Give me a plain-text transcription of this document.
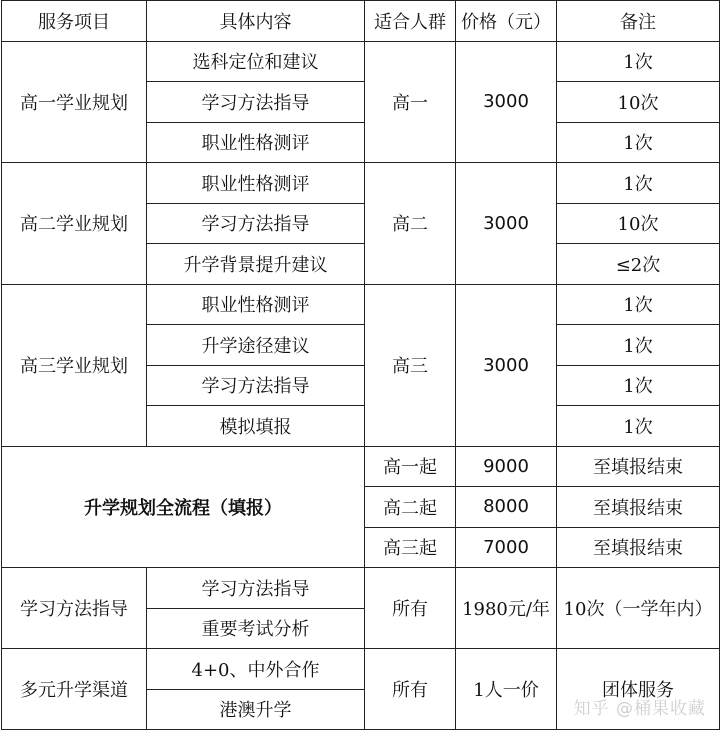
服务项目	具体内容	适合人群	价格（元）	备注
高一学业规划	选科定位和建议	高一	3000	1次
	学习方法指导			10次
	职业性格测评			1次
高二学业规划	职业性格测评	高二	3000	1次
	学习方法指导			10次
	升学背景提升建议			≤2次
高三学业规划	职业性格测评	高三	3000	1次
	升学途径建议			1次
	学习方法指导			1次
	模拟填报			1次
升学规划全流程（填报）		高一起	9000	至填报结束
		高二起	8000	至填报结束
		高三起	7000	至填报结束
学习方法指导	学习方法指导	所有	1980元/年	10次（一学年内）
	重要考试分析			
多元升学渠道	4+0、中外合作	所有	1人一价	团体服务
	港澳升学				知乎 @桶果收藏
